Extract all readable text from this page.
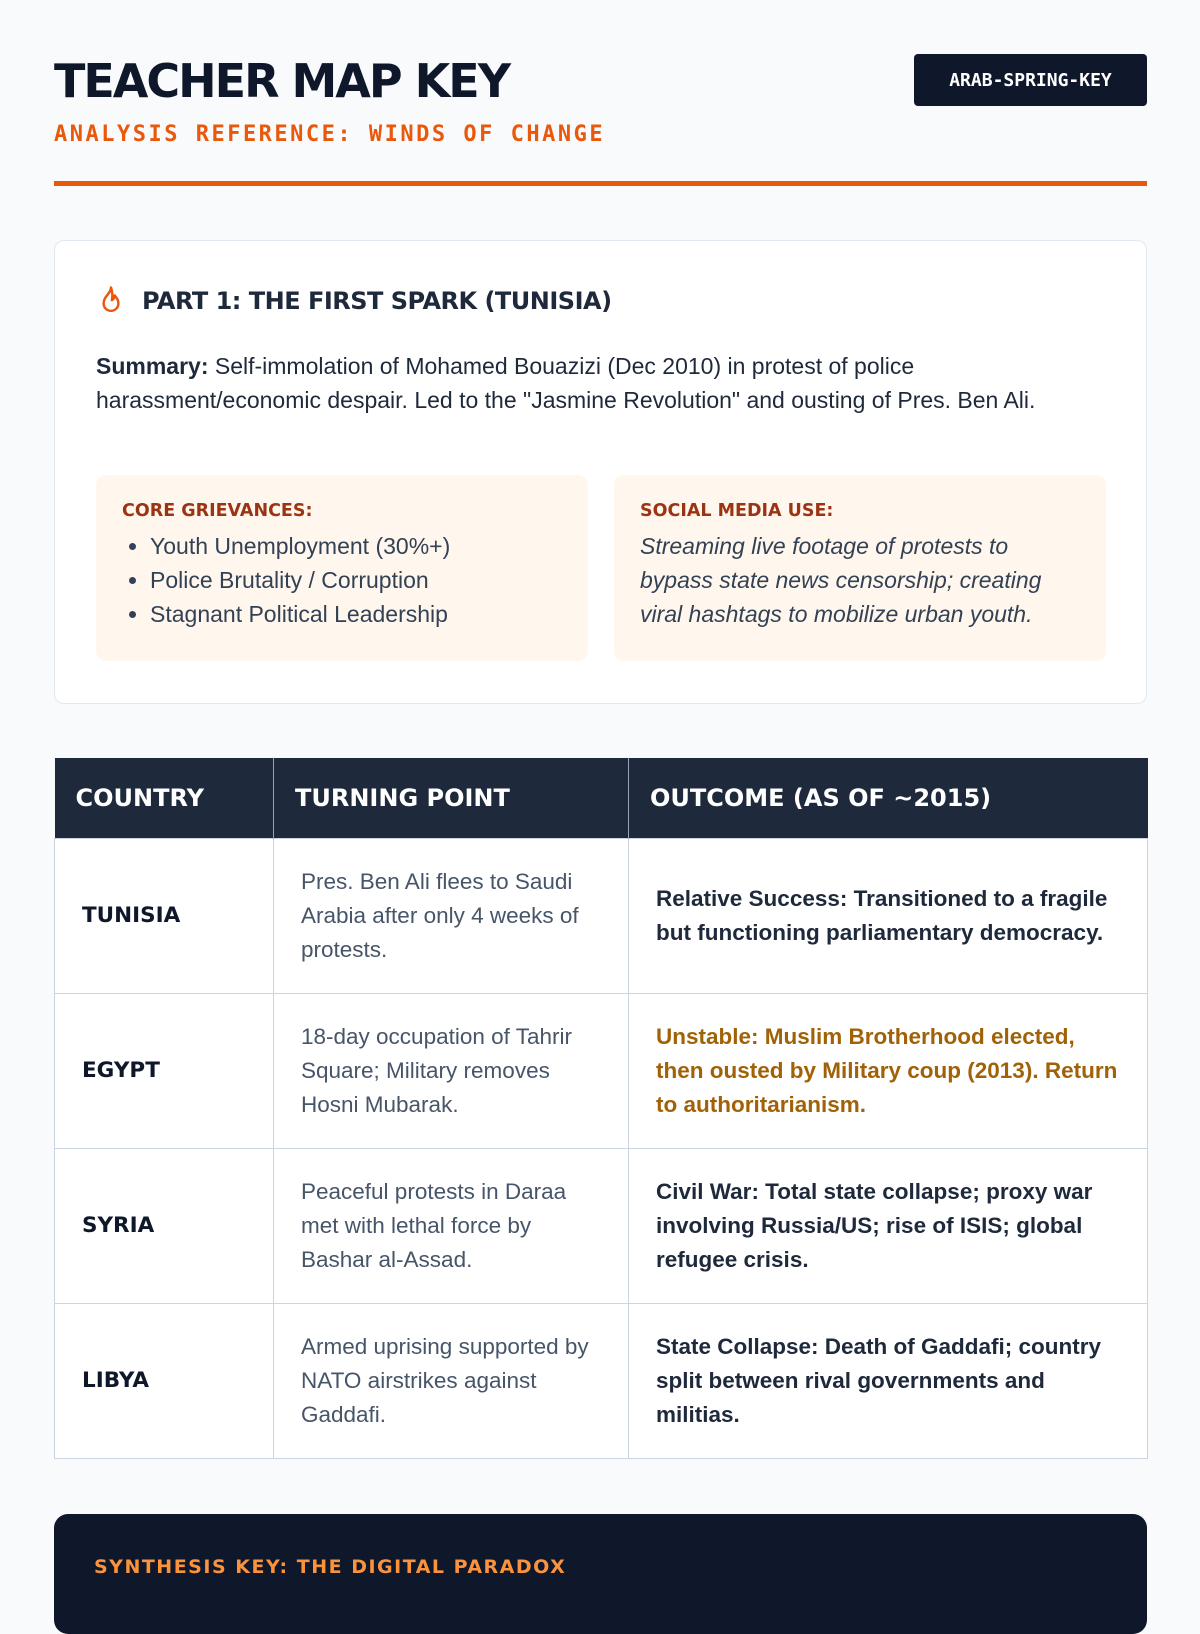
TEACHER MAP KEY
ANALYSIS REFERENCE: WINDS OF CHANGE
ARAB-SPRING-KEY
PART 1: THE FIRST SPARK (TUNISIA)
Summary: Self-immolation of Mohamed Bouazizi (Dec 2010) in protest of police harassment/economic despair. Led to the "Jasmine Revolution" and ousting of Pres. Ben Ali.
CORE GRIEVANCES:
• Youth Unemployment (30%+)
• Police Brutality / Corruption
• Stagnant Political Leadership
SOCIAL MEDIA USE:
Streaming live footage of protests to bypass state news censorship; creating viral hashtags to mobilize urban youth.
COUNTRY	TURNING POINT	OUTCOME (AS OF ~2015)
TUNISIA	Pres. Ben Ali flees to Saudi Arabia after only 4 weeks of protests.	Relative Success: Transitioned to a fragile but functioning parliamentary democracy.
EGYPT	18-day occupation of Tahrir Square; Military removes Hosni Mubarak.	Unstable: Muslim Brotherhood elected, then ousted by Military coup (2013). Return to authoritarianism.
SYRIA	Peaceful protests in Daraa met with lethal force by Bashar al-Assad.	Civil War: Total state collapse; proxy war involving Russia/US; rise of ISIS; global refugee crisis.
LIBYA	Armed uprising supported by NATO airstrikes against Gaddafi.	State Collapse: Death of Gaddafi; country split between rival governments and militias.
SYNTHESIS KEY: THE DIGITAL PARADOX
